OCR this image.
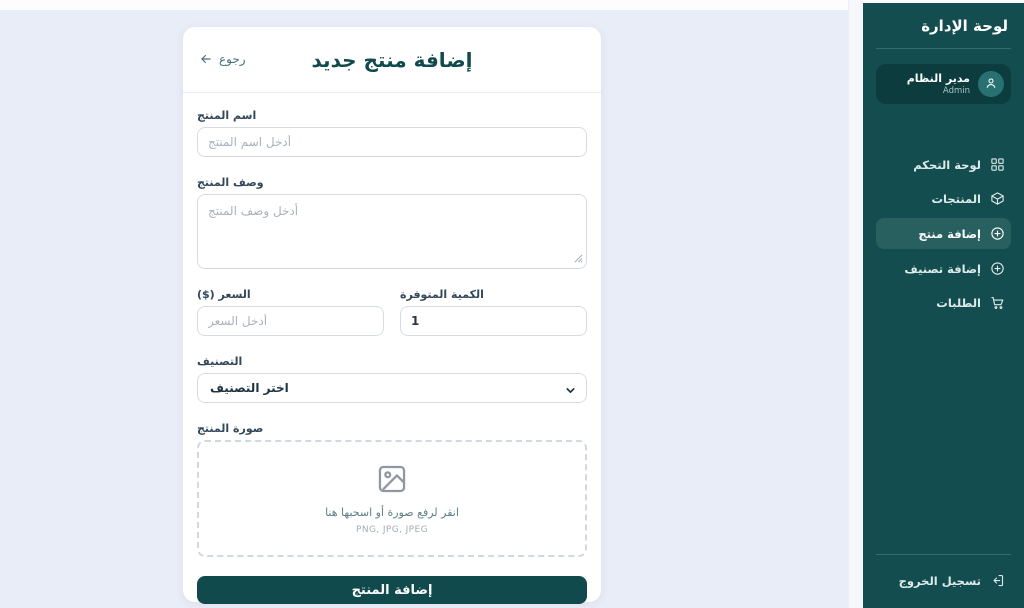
إضافة منتج جديد
رجوع
اسم المنتج
أدخل اسم المنتج
وصف المنتج
أدخل وصف المنتج
السعر ($)
أدخل السعر	الكمية المتوفرة
1
التصنيف
اختر التصنيف
صورة المنتج
انقر لرفع صورة أو اسحبها هنا
PNG, JPG, JPEG
إضافة المنتج
لوحة الإدارة
مدير النظام
Admin
لوحة التحكم
المنتجات
إضافة منتج
إضافة تصنيف
الطلبات
تسجيل الخروج
